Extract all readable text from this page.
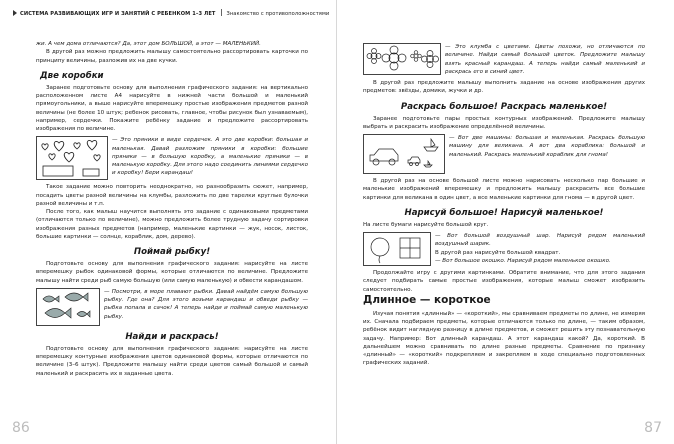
СИСТЕМА РАЗВИВАЮЩИХ ИГР И ЗАНЯТИЙ С РЕБЕНКОМ 1–3 ЛЕТ Знакомство с противоположностями

жи. А чем дома отличаются? Да, этот дом БОЛЬШОЙ, а этот — МАЛЕНЬКИЙ.

В другой раз можно предложить малышу самостоятельно рассортировать карточки по принципу величины, разложив их на две кучки.

Две коробки

Заранее подготовьте основу для выполнения графического задания: на вертикально расположенном листе А4 нарисуйте в нижней части большой и маленький прямоугольники, а выше нарисуйте вперемешку простые изображения предметов разной величины (не более 10 штук; ребенок рисовать, главное, чтобы рисунок был узнаваемым), например, сердечки. Покажите ребёнку задание и предложите рассортировать изображения по величине.

— Это пряники в виде сердечек. А это две коробки: большая и маленькая. Давай разложим пряники в коробки: большие пряники — в большую коробку, а маленькие пряники — в маленькую коробку. Для этого надо соединить линиями сердечко и коробку! Бери карандаш!

Такое задание можно повторить неоднократно, но разнообразить сюжет, например, посадить цветы разной величины на клумбы, разложить по две тарелки круглые булочки разной величины и т.п.

После того, как малыш научится выполнять это задание с одинаковыми предметами (отличаются только по величине), можно предложить более трудную задачу сортировки изображения разных предметов (например, маленькие картинки — жук, носок, листок, большие картинки — солнце, кораблик, дом, дерево).

Поймай рыбку!

Подготовьте основу для выполнения графического задания: нарисуйте на листе вперемешку рыбок одинаковой формы, которые отличаются по величине. Предложите малышу найти среди рыб самую большую (или самую маленькую) и обвести карандашом.

— Посмотри, в море плавают рыбки. Давай найдём самую большую рыбку. Где она? Для этого возьми карандаш и обведи рыбку — рыбка попала в сачок! А теперь найди и поймай самую маленькую рыбку.
Найди и раскрась!

Подготовьте основу для выполнения графического задания: нарисуйте на листе вперемешку контурные изображения цветов одинаковой формы, которые отличаются по величине (3–6 штук). Предложите малышу найти среди цветов самый большой и самый маленький и раскрасить их в заданные цвета.

86
— Это клумба с цветами. Цветы похожи, но отличаются по величине. Найди самый большой цветок. Предложите малышу взять красный карандаш. А теперь найди самый маленький и раскрась его в синий цвет.

В другой раз предложите малышу выполнить задание на основе изображения других предметов: звёзды, домики, жучки и др.

Раскрась большое! Раскрась маленькое!

Заранее подготовьте пары простых контурных изображений. Предложите малышу выбрать и раскрасить изображение определённой величины.

— Вот две машины: большая и маленькая. Раскрась большую машину для великана. А вот два кораблика: большой и маленький. Раскрась маленький кораблик для гнома!

В другой раз на основе большой листе можно нарисовать несколько пар большие и маленькие изображений вперемешку и предложить малышу раскрасить все большие картинки для великана в один цвет, а все маленькие картинки для гнома — в другой цвет.

Нарисуй большое! Нарисуй маленькое!

На листе бумаги нарисуйте большой круг.

— Вот большой воздушный шар. Нарисуй рядом маленький воздушный шарик.
В другой раз нарисуйте большой квадрат.
— Вот большое окошко. Нарисуй рядом маленькое окошко.

Продолжайте игру с другими картинками. Обратите внимание, что для этого задания следует подбирать самые простые изображения, которые малыш сможет изобразить самостоятельно.

Длинное — короткое

Изучая понятия «длинный» — «короткий», мы сравниваем предметы по длине, не измеряя их. Сначала подбираем предметы, которые отличаются только по длине, — таким образом, ребёнок видит наглядную разницу в длине предметов, и сможет решить эту познавательную задачу. Например: Вот длинный карандаш. А этот карандаш какой? Да, короткий. В дальнейшем можно сравнивать по длине разные предметы. Сравнение по признаку «длинный» — «короткий» подкрепляем и закрепляем в ходе специально подготовленных графических заданий.

87
